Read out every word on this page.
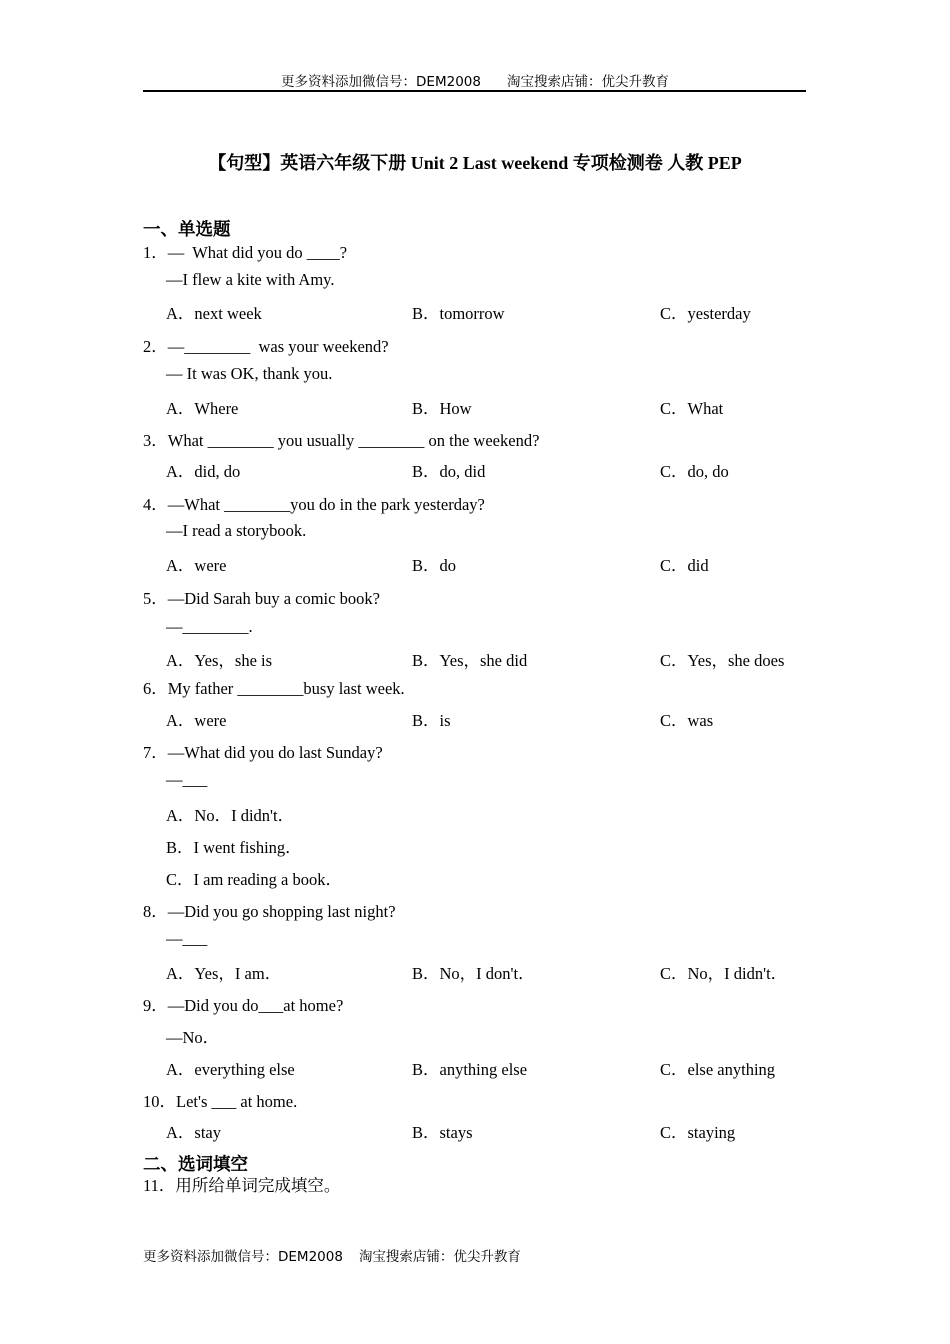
更多资料添加微信号：DEM2008 淘宝搜索店铺：优尖升教育
【句型】英语六年级下册 Unit 2 Last weekend 专项检测卷 人教 PEP
一、单选题
1．—  What did you do ____?
—I flew a kite with Amy.
A．next week	B．tomorrow	C．yesterday
2．—________  was your weekend?
— It was OK, thank you.
A．Where	B．How	C．What
3．What ________ you usually ________ on the weekend?
A．did, do	B．do, did	C．do, do
4．—What ________you do in the park yesterday?
—I read a storybook.
A．were	B．do	C．did
5．—Did Sarah buy a comic book?
—________.
A．Yes，she is	B．Yes，she did	C．Yes，she does
6．My father ________busy last week.
A．were	B．is	C．was
7．—What did you do last Sunday?
—___
A．No．I didn't．
B．I went fishing．
C．I am reading a book．
8．—Did you go shopping last night?
—___
A．Yes，I am．	B．No，I don't．	C．No，I didn't．
9．—Did you do___at home?
—No．
A．everything else	B．anything else	C．else anything
10．Let's ___ at home.
A．stay	B．stays	C．staying
二、选词填空
11．用所给单词完成填空。
更多资料添加微信号：DEM2008 淘宝搜索店铺：优尖升教育
